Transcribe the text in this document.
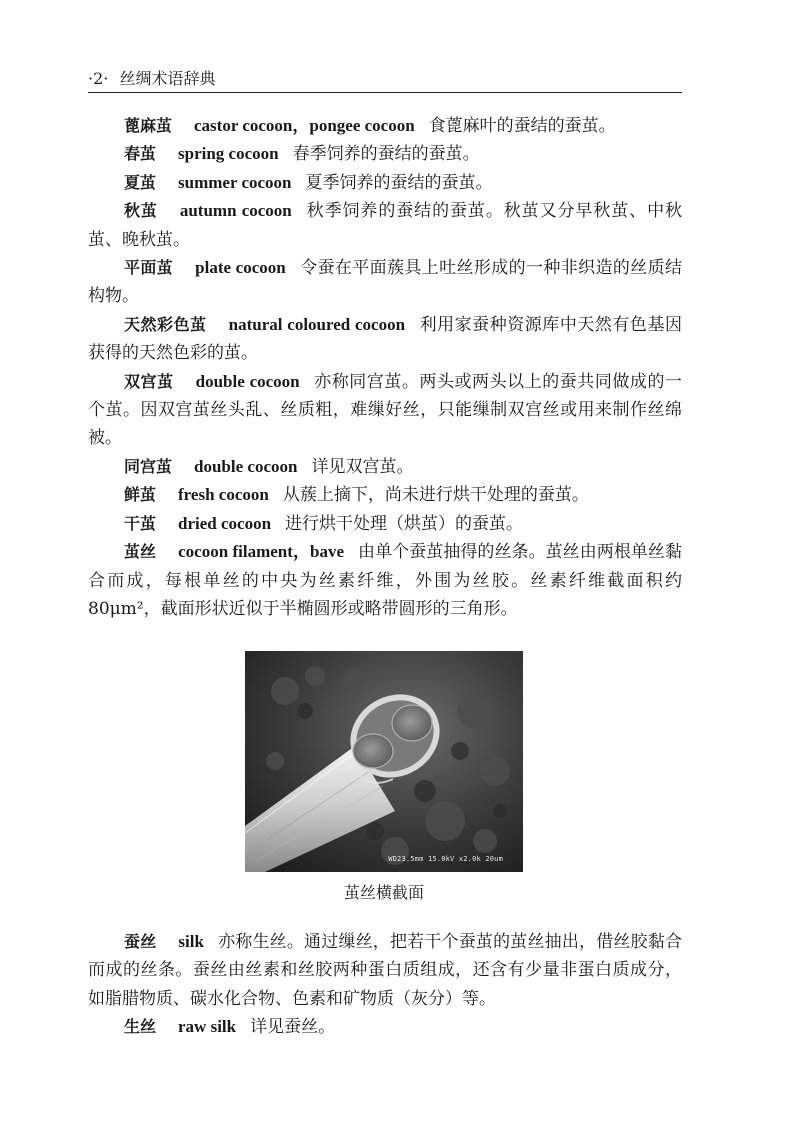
·2· 丝绸术语辞典

蓖麻茧 castor cocoon，pongee cocoon 食蓖麻叶的蚕结的蚕茧。

春茧 spring cocoon 春季饲养的蚕结的蚕茧。

夏茧 summer cocoon 夏季饲养的蚕结的蚕茧。

秋茧 autumn cocoon 秋季饲养的蚕结的蚕茧。秋茧又分早秋茧、中秋茧、晚秋茧。

平面茧 plate cocoon 令蚕在平面蔟具上吐丝形成的一种非织造的丝质结构物。

天然彩色茧 natural coloured cocoon 利用家蚕种资源库中天然有色基因获得的天然色彩的茧。

双宫茧 double cocoon 亦称同宫茧。两头或两头以上的蚕共同做成的一个茧。因双宫茧丝头乱、丝质粗，难缫好丝，只能缫制双宫丝或用来制作丝绵被。

同宫茧 double cocoon 详见双宫茧。

鲜茧 fresh cocoon 从蔟上摘下，尚未进行烘干处理的蚕茧。

干茧 dried cocoon 进行烘干处理（烘茧）的蚕茧。

茧丝 cocoon filament，bave 由单个蚕茧抽得的丝条。茧丝由两根单丝黏合而成，每根单丝的中央为丝素纤维，外围为丝胶。丝素纤维截面积约 80μm²，截面形状近似于半椭圆形或略带圆形的三角形。

WD23.5mm 15.0kV x2.0k 20um
茧丝横截面

蚕丝 silk 亦称生丝。通过缫丝，把若干个蚕茧的茧丝抽出，借丝胶黏合而成的丝条。蚕丝由丝素和丝胶两种蛋白质组成，还含有少量非蛋白质成分，如脂腊物质、碳水化合物、色素和矿物质（灰分）等。

生丝 raw silk 详见蚕丝。
